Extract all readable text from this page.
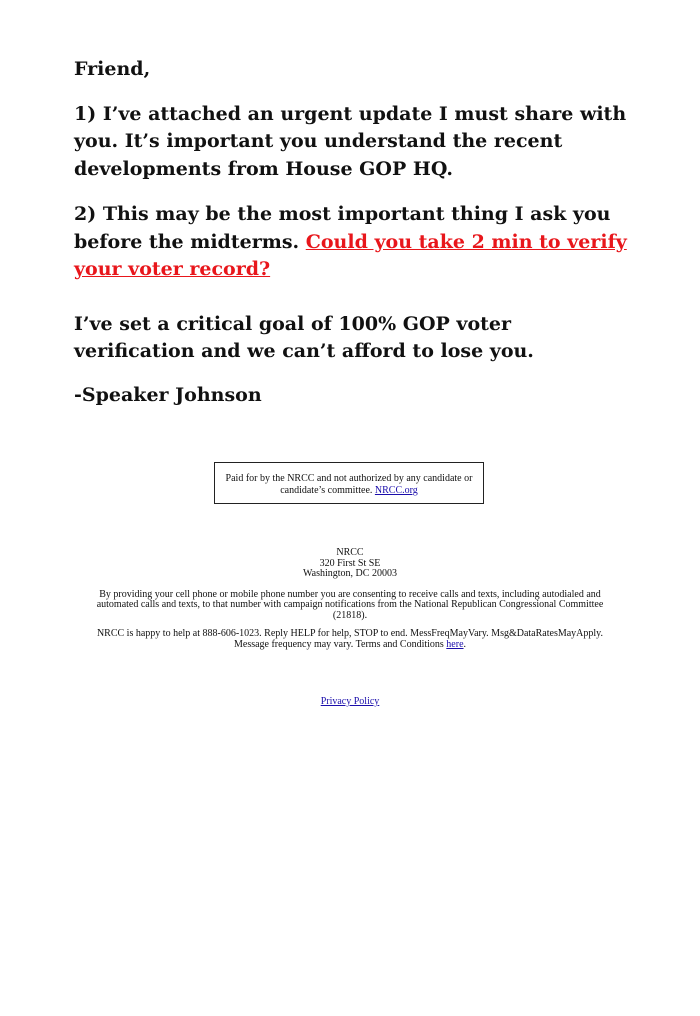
Friend,

1) I’ve attached an urgent update I must share with you. It’s important you understand the recent developments from House GOP HQ.

2) This may be the most important thing I ask you before the midterms. Could you take 2 min to verify your voter record?

I’ve set a critical goal of 100% GOP voter verification and we can’t afford to lose you.

-Speaker Johnson

Paid for by the NRCC and not authorized by any candidate or candidate’s committee. NRCC.org
NRCC
320 First St SE
Washington, DC 20003
By providing your cell phone or mobile phone number you are consenting to receive calls and texts, including autodialed and automated calls and texts, to that number with campaign notifications from the National Republican Congressional Committee (21818).
NRCC is happy to help at 888-606-1023. Reply HELP for help, STOP to end. MessFreqMayVary. Msg&DataRatesMayApply. Message frequency may vary. Terms and Conditions here.
Privacy Policy
